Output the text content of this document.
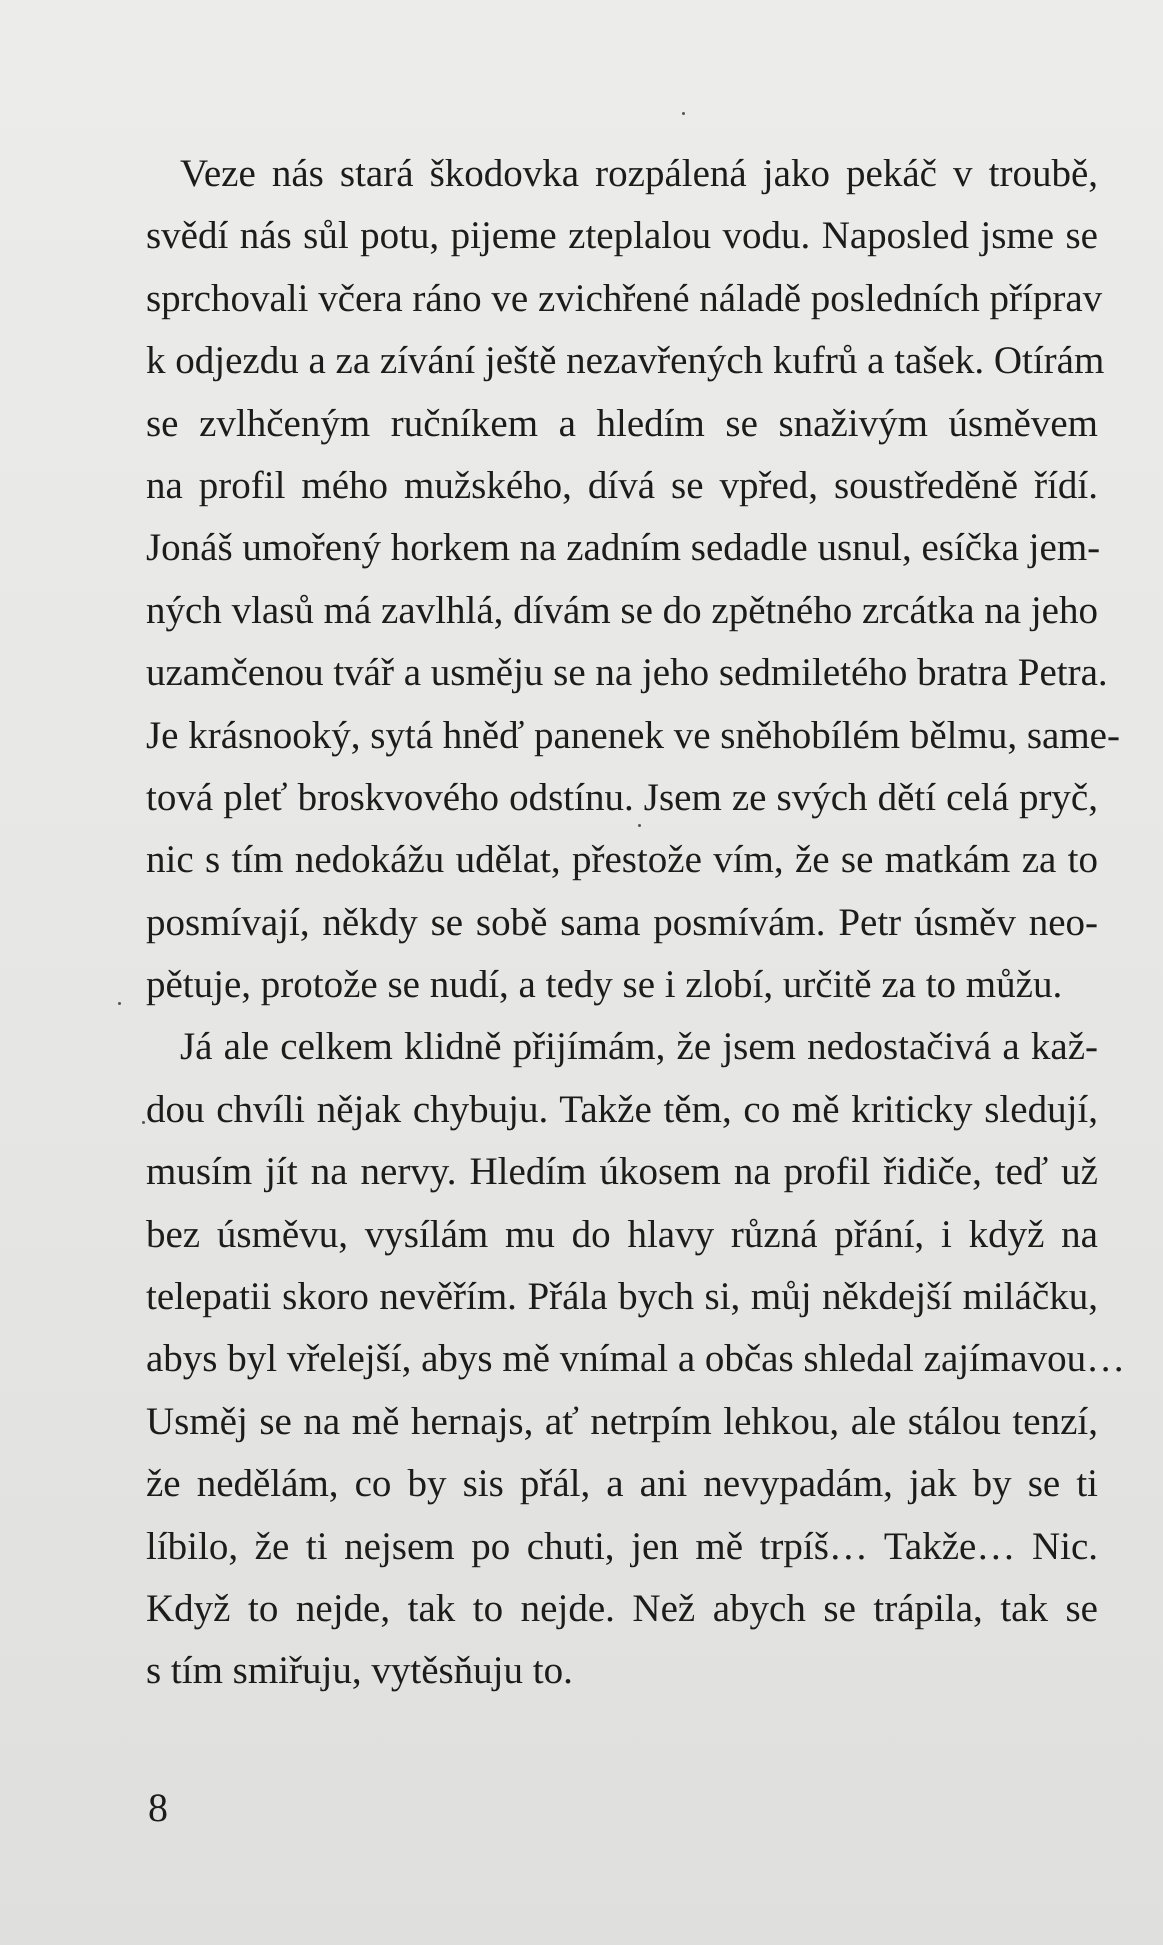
Veze nás stará škodovka rozpálená jako pekáč v troubě,
svědí nás sůl potu, pijeme zteplalou vodu. Naposled jsme se
sprchovali včera ráno ve zvichřené náladě posledních příprav
k odjezdu a za zívání ještě nezavřených kufrů a tašek. Otírám
se zvlhčeným ručníkem a hledím se snaživým úsměvem
na profil mého mužského, dívá se vpřed, soustředěně řídí.
Jonáš umořený horkem na zadním sedadle usnul, esíčka jem-
ných vlasů má zavlhlá, dívám se do zpětného zrcátka na jeho
uzamčenou tvář a usměju se na jeho sedmiletého bratra Petra.
Je krásnooký, sytá hněď panenek ve sněhobílém bělmu, same-
tová pleť broskvového odstínu. Jsem ze svých dětí celá pryč,
nic s tím nedokážu udělat, přestože vím, že se matkám za to
posmívají, někdy se sobě sama posmívám. Petr úsměv neo-
pětuje, protože se nudí, a tedy se i zlobí, určitě za to můžu.
Já ale celkem klidně přijímám, že jsem nedostačivá a kaž-
dou chvíli nějak chybuju. Takže těm, co mě kriticky sledují,
musím jít na nervy. Hledím úkosem na profil řidiče, teď už
bez úsměvu, vysílám mu do hlavy různá přání, i když na
telepatii skoro nevěřím. Přála bych si, můj někdejší miláčku,
abys byl vřelejší, abys mě vnímal a občas shledal zajímavou…
Usměj se na mě hernajs, ať netrpím lehkou, ale stálou tenzí,
že nedělám, co by sis přál, a ani nevypadám, jak by se ti
líbilo, že ti nejsem po chuti, jen mě trpíš… Takže… Nic.
Když to nejde, tak to nejde. Než abych se trápila, tak se
s tím smiřuju, vytěsňuju to.
8
